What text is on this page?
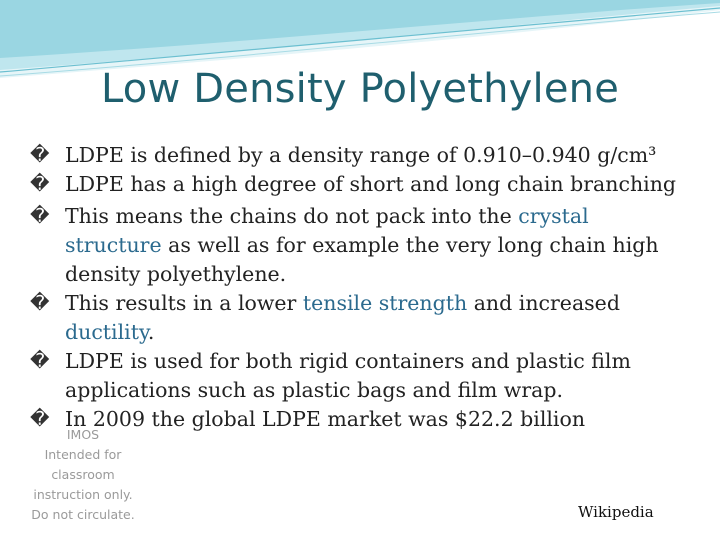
Low Density Polyethylene
� LDPE is defined by a density range of 0.910–0.940 g/cm³
� LDPE has a high degree of short and long chain branching
� This means the chains do not pack into the crystal
structure as well as for example the very long chain high
density polyethylene.
� This results in a lower tensile strength and increased
ductility.
� LDPE is used for both rigid containers and plastic film
applications such as plastic bags and film wrap.
� In 2009 the global LDPE market was $22.2 billion
IMOS
Intended for
classroom
instruction only.
Do not circulate.	Wikipedia
